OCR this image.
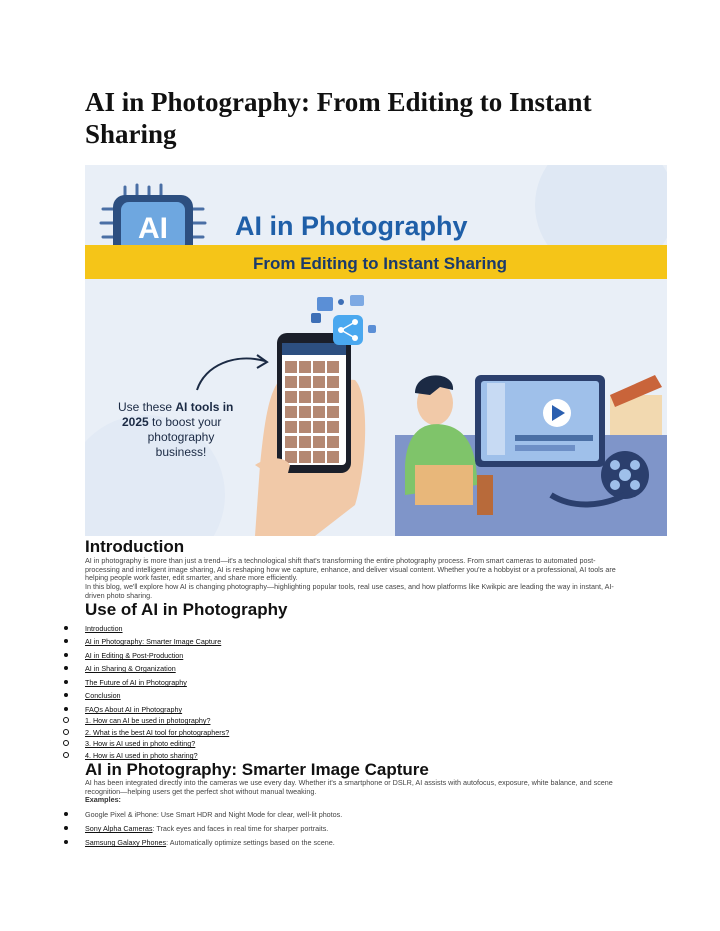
AI in Photography: From Editing to Instant Sharing
AI AI in Photography
From Editing to Instant Sharing
Use these AI tools in
2025 to boost your
photography
business!
Introduction

AI in photography is more than just a trend—it's a technological shift that's transforming the entire photography process. From smart cameras to automated post-processing and intelligent image sharing, AI is reshaping how we capture, enhance, and deliver visual content. Whether you're a hobbyist or a professional, AI tools are helping people work faster, edit smarter, and share more efficiently.

In this blog, we'll explore how AI is changing photography—highlighting popular tools, real use cases, and how platforms like Kwikpic are leading the way in instant, AI-driven photo sharing.

Use of AI in Photography
Introduction
AI in Photography: Smarter Image Capture
AI in Editing & Post-Production
AI in Sharing & Organization
The Future of AI in Photography
Conclusion
FAQs About AI in Photography
1. How can AI be used in photography?
2. What is the best AI tool for photographers?
3. How is AI used in photo editing?
4. How is AI used in photo sharing?
AI in Photography: Smarter Image Capture

AI has been integrated directly into the cameras we use every day. Whether it's a smartphone or DSLR, AI assists with autofocus, exposure, white balance, and scene recognition—helping users get the perfect shot without manual tweaking.

Examples:

Google Pixel & iPhone: Use Smart HDR and Night Mode for clear, well-lit photos.
Sony Alpha Cameras: Track eyes and faces in real time for sharper portraits.
Samsung Galaxy Phones: Automatically optimize settings based on the scene.
